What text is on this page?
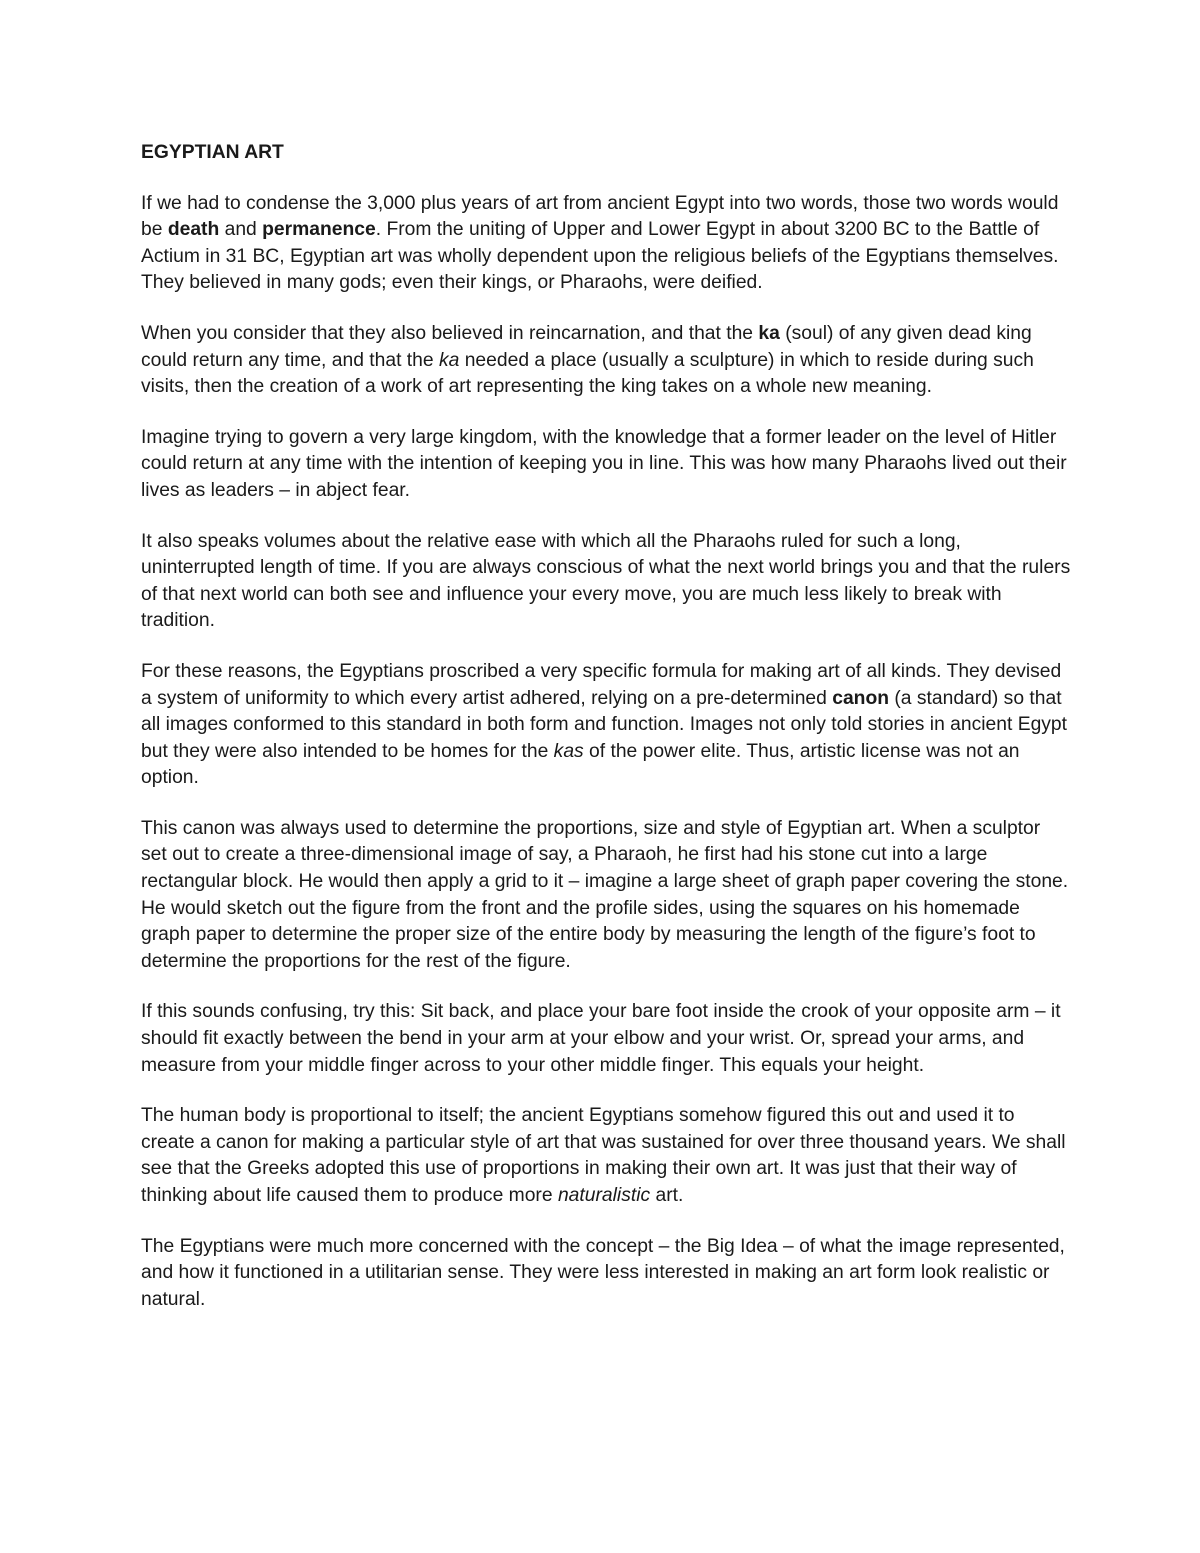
EGYPTIAN ART

If we had to condense the 3,000 plus years of art from ancient Egypt into two words, those two words would be death and permanence. From the uniting of Upper and Lower Egypt in about 3200 BC to the Battle of Actium in 31 BC, Egyptian art was wholly dependent upon the religious beliefs of the Egyptians themselves. They believed in many gods; even their kings, or Pharaohs, were deified.

When you consider that they also believed in reincarnation, and that the ka (soul) of any given dead king could return any time, and that the ka needed a place (usually a sculpture) in which to reside during such visits, then the creation of a work of art representing the king takes on a whole new meaning.

Imagine trying to govern a very large kingdom, with the knowledge that a former leader on the level of Hitler could return at any time with the intention of keeping you in line. This was how many Pharaohs lived out their lives as leaders – in abject fear.

It also speaks volumes about the relative ease with which all the Pharaohs ruled for such a long, uninterrupted length of time. If you are always conscious of what the next world brings you and that the rulers of that next world can both see and influence your every move, you are much less likely to break with tradition.

For these reasons, the Egyptians proscribed a very specific formula for making art of all kinds. They devised a system of uniformity to which every artist adhered, relying on a pre-determined canon (a standard) so that all images conformed to this standard in both form and function. Images not only told stories in ancient Egypt but they were also intended to be homes for the kas of the power elite. Thus, artistic license was not an option.

This canon was always used to determine the proportions, size and style of Egyptian art. When a sculptor set out to create a three-dimensional image of say, a Pharaoh, he first had his stone cut into a large rectangular block. He would then apply a grid to it – imagine a large sheet of graph paper covering the stone. He would sketch out the figure from the front and the profile sides, using the squares on his homemade graph paper to determine the proper size of the entire body by measuring the length of the figure’s foot to determine the proportions for the rest of the figure.

If this sounds confusing, try this: Sit back, and place your bare foot inside the crook of your opposite arm – it should fit exactly between the bend in your arm at your elbow and your wrist. Or, spread your arms, and measure from your middle finger across to your other middle finger. This equals your height.

The human body is proportional to itself; the ancient Egyptians somehow figured this out and used it to create a canon for making a particular style of art that was sustained for over three thousand years. We shall see that the Greeks adopted this use of proportions in making their own art. It was just that their way of thinking about life caused them to produce more naturalistic art.

The Egyptians were much more concerned with the concept – the Big Idea – of what the image represented, and how it functioned in a utilitarian sense. They were less interested in making an art form look realistic or natural.
